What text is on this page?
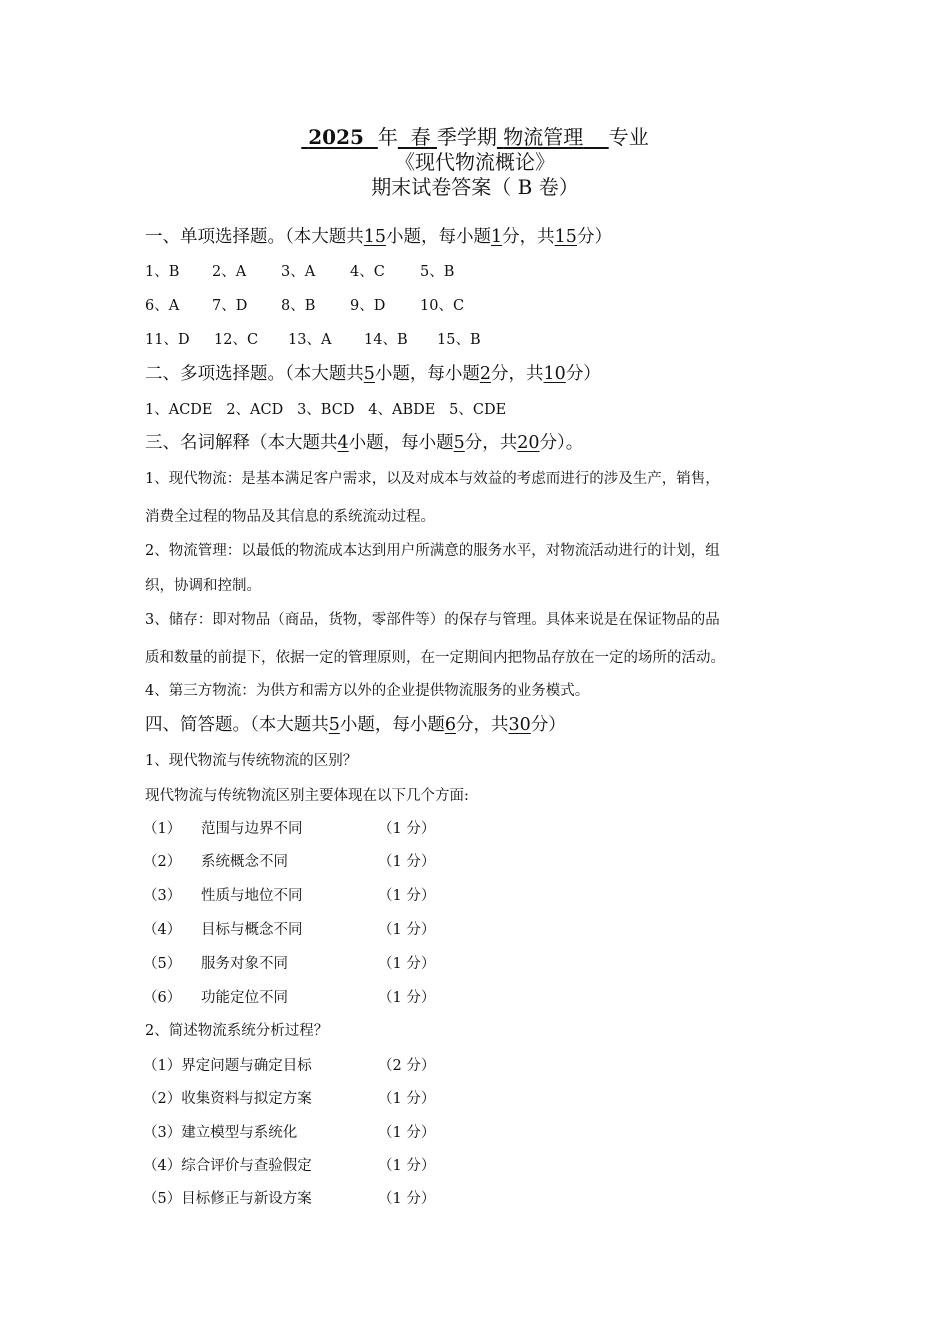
2025 年 春 季学期 物流管理 专业
《现代物流概论》
期末试卷答案（ B 卷）
一、单项选择题。（本大题共15小题，每小题1分，共15分）
1、B 2、A 3、A 4、C 5、B
6、A 7、D 8、B 9、D 10、C
11、D 12、C 13、A 14、B 15、B
二、多项选择题。（本大题共5小题，每小题2分，共10分）
1、ACDE   2、ACD   3、BCD   4、ABDE   5、CDE
三、名词解释（本大题共4小题，每小题5分，共20分）。
1、现代物流：是基本满足客户需求，以及对成本与效益的考虑而进行的涉及生产，销售，
消费全过程的物品及其信息的系统流动过程。
2、物流管理：以最低的物流成本达到用户所满意的服务水平，对物流活动进行的计划，组
织，协调和控制。
3、储存：即对物品（商品，货物，零部件等）的保存与管理。具体来说是在保证物品的品
质和数量的前提下，依据一定的管理原则，在一定期间内把物品存放在一定的场所的活动。
4、第三方物流：为供方和需方以外的企业提供物流服务的业务模式。
四、简答题。（本大题共5小题，每小题6分，共30分）
1、现代物流与传统物流的区别？
现代物流与传统物流区别主要体现在以下几个方面:
（1） 范围与边界不同	（1 分）
（2） 系统概念不同	（1 分）
（3） 性质与地位不同	（1 分）
（4） 目标与概念不同	（1 分）
（5） 服务对象不同	（1 分）
（6） 功能定位不同	（1 分）
2、简述物流系统分析过程？
（1）界定问题与确定目标	（2 分）
（2）收集资料与拟定方案	（1 分）
（3）建立模型与系统化	（1 分）
（4）综合评价与查验假定	（1 分）
（5）目标修正与新设方案	（1 分）
